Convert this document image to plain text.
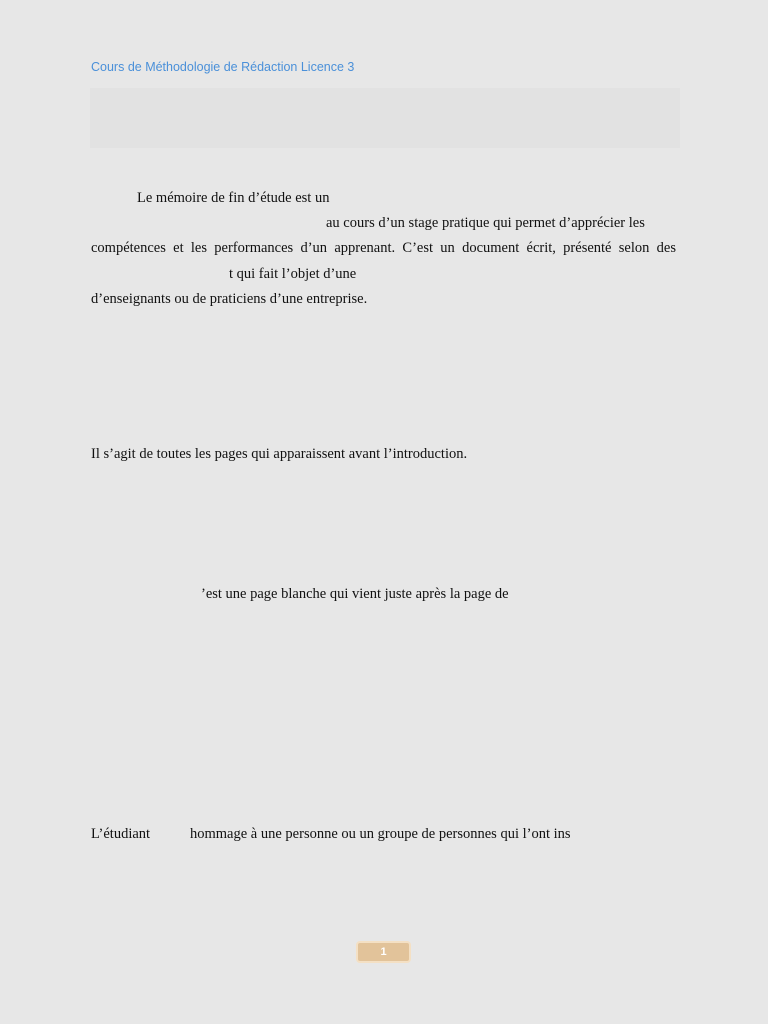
Cours de Méthodologie de Rédaction Licence 3
Le mémoire de fin d’étude est un
au cours d’un stage pratique qui permet d’apprécier les
compétences et les performances d’un apprenant. C’est un document écrit, présenté selon des
t qui fait l’objet d’une
d’enseignants ou de praticiens d’une entreprise.
Il s’agit de toutes les pages qui apparaissent avant l’introduction.
’est une page blanche qui vient juste après la page de
L’étudiant	hommage à une personne ou un groupe de personnes qui l’ont ins
1
